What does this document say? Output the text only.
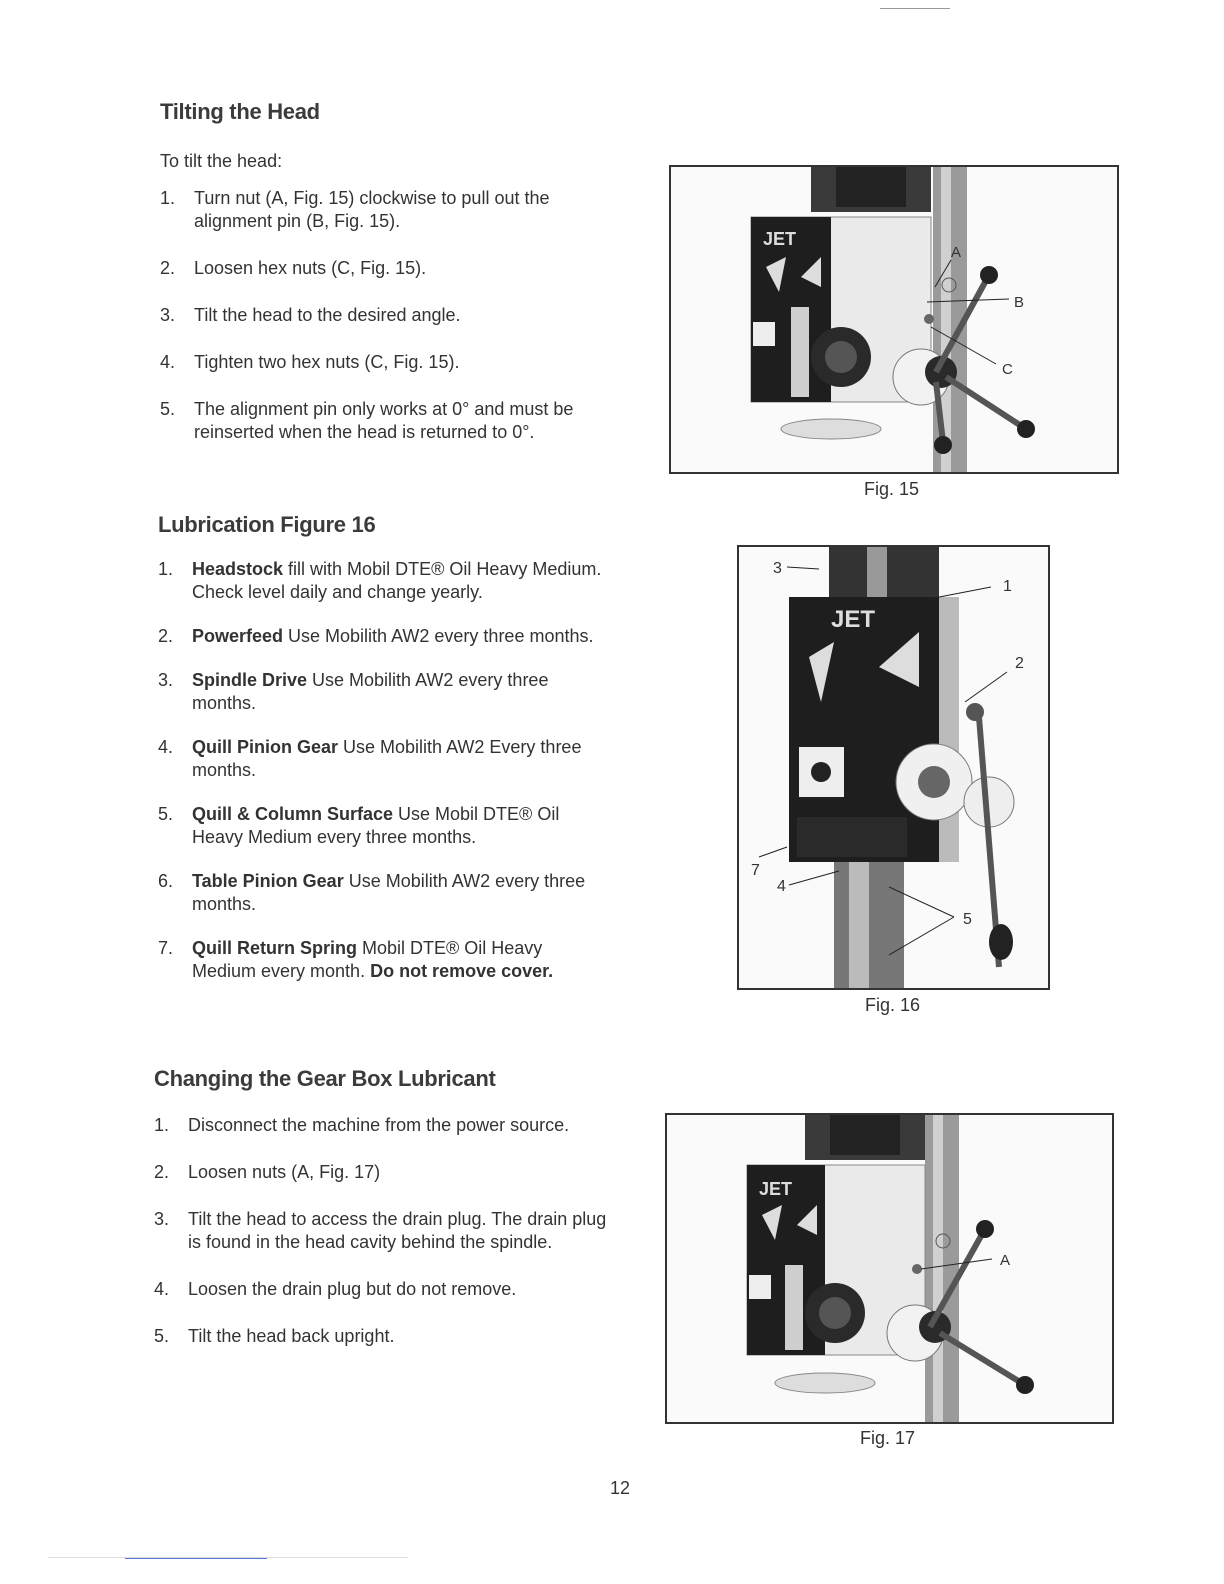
Tilting the Head
To tilt the head:
1. Turn nut (A, Fig. 15) clockwise to pull out the alignment pin (B, Fig. 15).
2. Loosen hex nuts (C, Fig. 15).
3. Tilt the head to the desired angle.
4. Tighten two hex nuts (C, Fig. 15).
5. The alignment pin only works at 0° and must be reinserted when the head is returned to 0°.
Lubrication Figure 16
1. Headstock fill with Mobil DTE® Oil Heavy Medium. Check level daily and change yearly.
2. Powerfeed Use Mobilith AW2 every three months.
3. Spindle Drive Use Mobilith AW2 every three months.
4. Quill Pinion Gear Use Mobilith AW2 Every three months.
5. Quill & Column Surface Use Mobil DTE® Oil Heavy Medium every three months.
6. Table Pinion Gear Use Mobilith AW2 every three months.
7. Quill Return Spring Mobil DTE® Oil Heavy Medium every month. Do not remove cover.
Changing the Gear Box Lubricant
1. Disconnect the machine from the power source.
2. Loosen nuts (A, Fig. 17)
3. Tilt the head to access the drain plug. The drain plug is found in the head cavity behind the spindle.
4. Loosen the drain plug but do not remove.
5. Tilt the head back upright.
JET
A
B
C
Fig. 15
JET
3
1
2
7
4
5
Fig. 16
JET
A
Fig. 17
12
